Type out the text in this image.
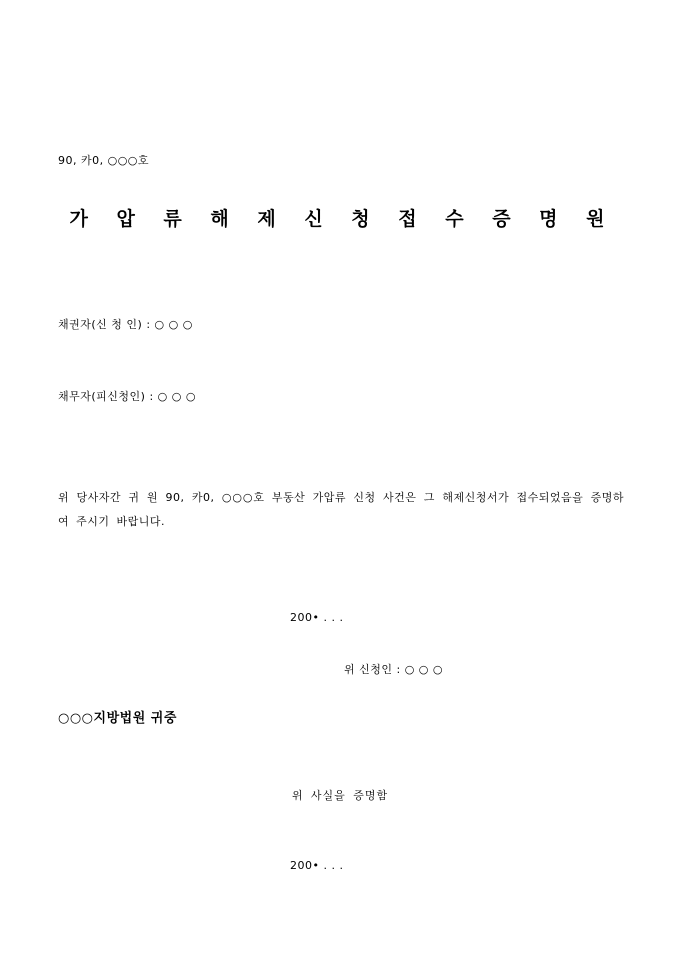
90, 카0, ○○○호
가 압 류 해 제 신 청 접 수 증 명 원
채권자(신 청 인) : ○ ○ ○
채무자(피신청인) : ○ ○ ○
위 당사자간 귀 원 90, 카0, ○○○호 부동산 가압류 신청 사건은 그 해제신청서가 접수되었음을 증명하여 주시기 바랍니다.
200• . . .
위 신청인 : ○ ○ ○
○○○지방법원 귀중
위 사실을 증명함
200• . . .
